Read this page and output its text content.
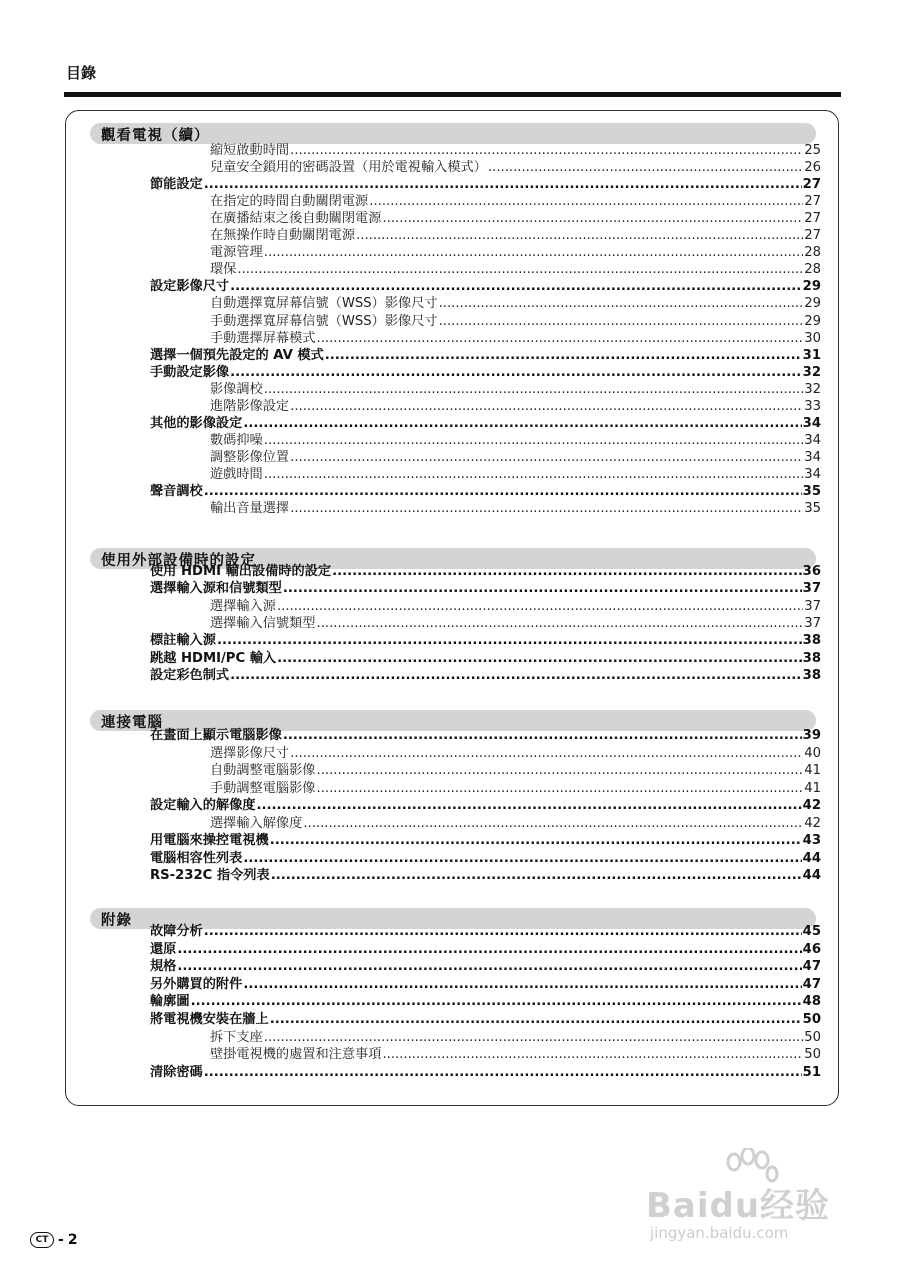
目錄
觀看電視（續）
縮短啟動時間 .....	25
兒童安全鎖用的密碼設置（用於電視輸入模式） .....	26
節能設定 .....	27
在指定的時間自動關閉電源 .....	27
在廣播結束之後自動關閉電源 .....	27
在無操作時自動關閉電源 .....	27
電源管理 .....	28
環保 .....	28
設定影像尺寸 .....	29
自動選擇寬屏幕信號（WSS）影像尺寸 .....	29
手動選擇寬屏幕信號（WSS）影像尺寸 .....	29
手動選擇屏幕模式 .....	30
選擇一個預先設定的 AV 模式 .....	31
手動設定影像 .....	32
影像調校 .....	32
進階影像設定 .....	33
其他的影像設定 .....	34
數碼抑噪 .....	34
調整影像位置 .....	34
遊戲時間 .....	34
聲音調校 .....	35
輸出音量選擇 .....	35
使用外部設備時的設定
使用 HDMI 輸出設備時的設定 .....	36
選擇輸入源和信號類型 .....	37
選擇輸入源 .....	37
選擇輸入信號類型 .....	37
標註輸入源 .....	38
跳越 HDMI/PC 輸入 .....	38
設定彩色制式 .....	38
連接電腦
在畫面上顯示電腦影像 .....	39
選擇影像尺寸 .....	40
自動調整電腦影像 .....	41
手動調整電腦影像 .....	41
設定輸入的解像度 .....	42
選擇輸入解像度 .....	42
用電腦來操控電視機 .....	43
電腦相容性列表 .....	44
RS-232C 指令列表 .....	44
附錄
故障分析 .....	45
還原 .....	46
規格 .....	47
另外購買的附件 .....	47
輪廓圖 .....	48
將電視機安裝在牆上 .....	50
拆下支座 .....	50
壁掛電視機的處置和注意事項 .....	50
清除密碼 .....	51
CT - 2
Baidu经验
jingyan.baidu.com
